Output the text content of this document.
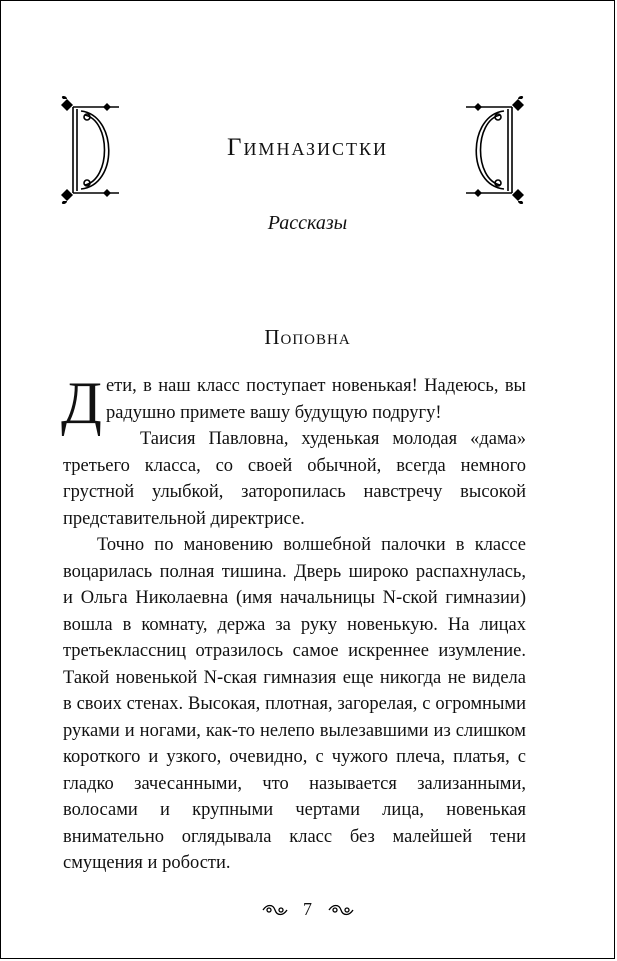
Гимназистки
Рассказы
Поповна

Дети, в наш класс поступает новенькая! Надеюсь, вы радушно примете вашу будущую подругу!

Таисия Павловна, худенькая молодая «дама» третьего класса, со своей обычной, всегда немного грустной улыбкой, заторопилась навстречу высокой представительной директрисе.

Точно по мановению волшебной палочки в классе воцарилась полная тишина. Дверь широко распахнулась, и Ольга Николаевна (имя начальницы N-ской гимназии) вошла в комнату, держа за руку новенькую. На лицах третьеклассниц отразилось самое искреннее изумление. Такой новенькой N-ская гимназия еще никогда не видела в своих стенах. Высокая, плотная, загорелая, с огромными руками и ногами, как-то нелепо вылезавшими из слишком короткого и узкого, очевидно, с чужого плеча, платья, с гладко зачесанными, что называется зализанными, волосами и крупными чертами лица, новенькая внимательно оглядывала класс без малейшей тени смущения и робости.

7
